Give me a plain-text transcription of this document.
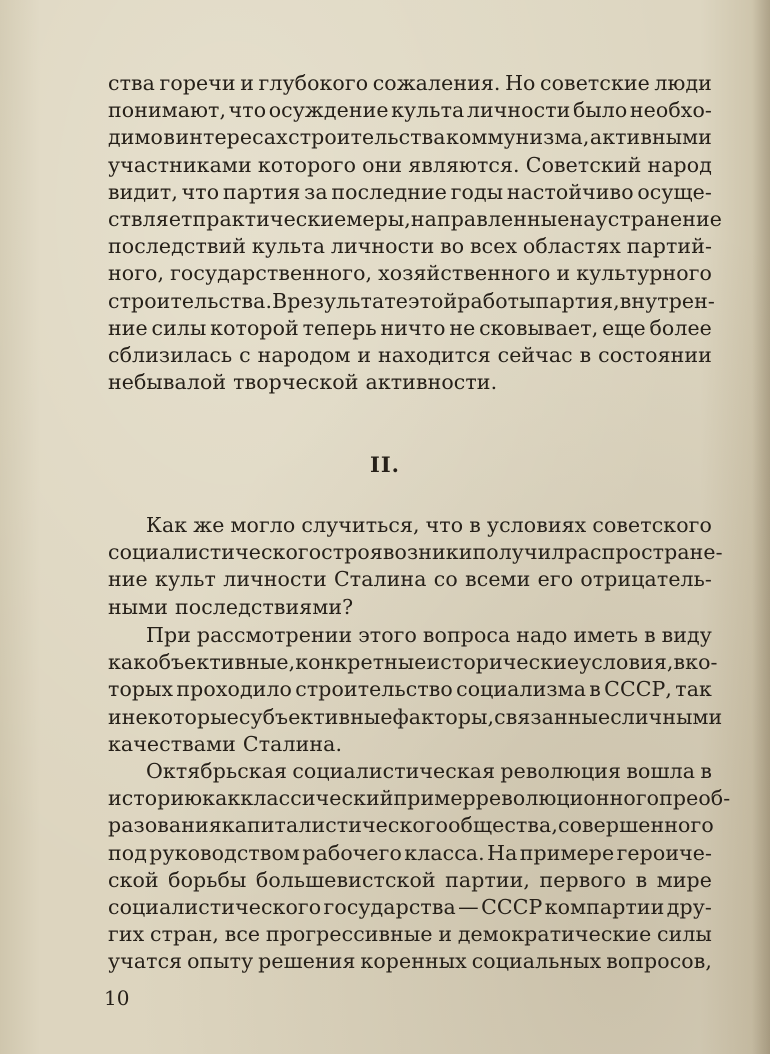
ства горечи и глубокого сожаления. Но советские люди
понимают, что осуждение культа личности было необхо-
димо в интересах строительства коммунизма, активными
участниками которого они являются. Советский народ
видит, что партия за последние годы настойчиво осуще-
ствляет практические меры, направленные на устранение
последствий культа личности во всех областях партий-
ного, государственного, хозяйственного и культурного
строительства. В результате этой работы партия, внутрен-
ние силы которой теперь ничто не сковывает, еще более
сблизилась с народом и находится сейчас в состоянии
небывалой творческой активности.
II.
Как же могло случиться, что в условиях советского
социалистического строя возник и получил распростране-
ние культ личности Сталина со всеми его отрицатель-
ными последствиями?
При рассмотрении этого вопроса надо иметь в виду
как объективные, конкретные исторические условия, в ко-
торых проходило строительство социализма в СССР, так
и некоторые субъективные факторы, связанные с личными
качествами Сталина.
Октябрьская социалистическая революция вошла в
историю как классический пример революционного преоб-
разования капиталистического общества, совершенного
под руководством рабочего класса. На примере героиче-
ской борьбы большевистской партии, первого в мире
социалистического государства — СССР компартии дру-
гих стран, все прогрессивные и демократические силы
учатся опыту решения коренных социальных вопросов,
10
